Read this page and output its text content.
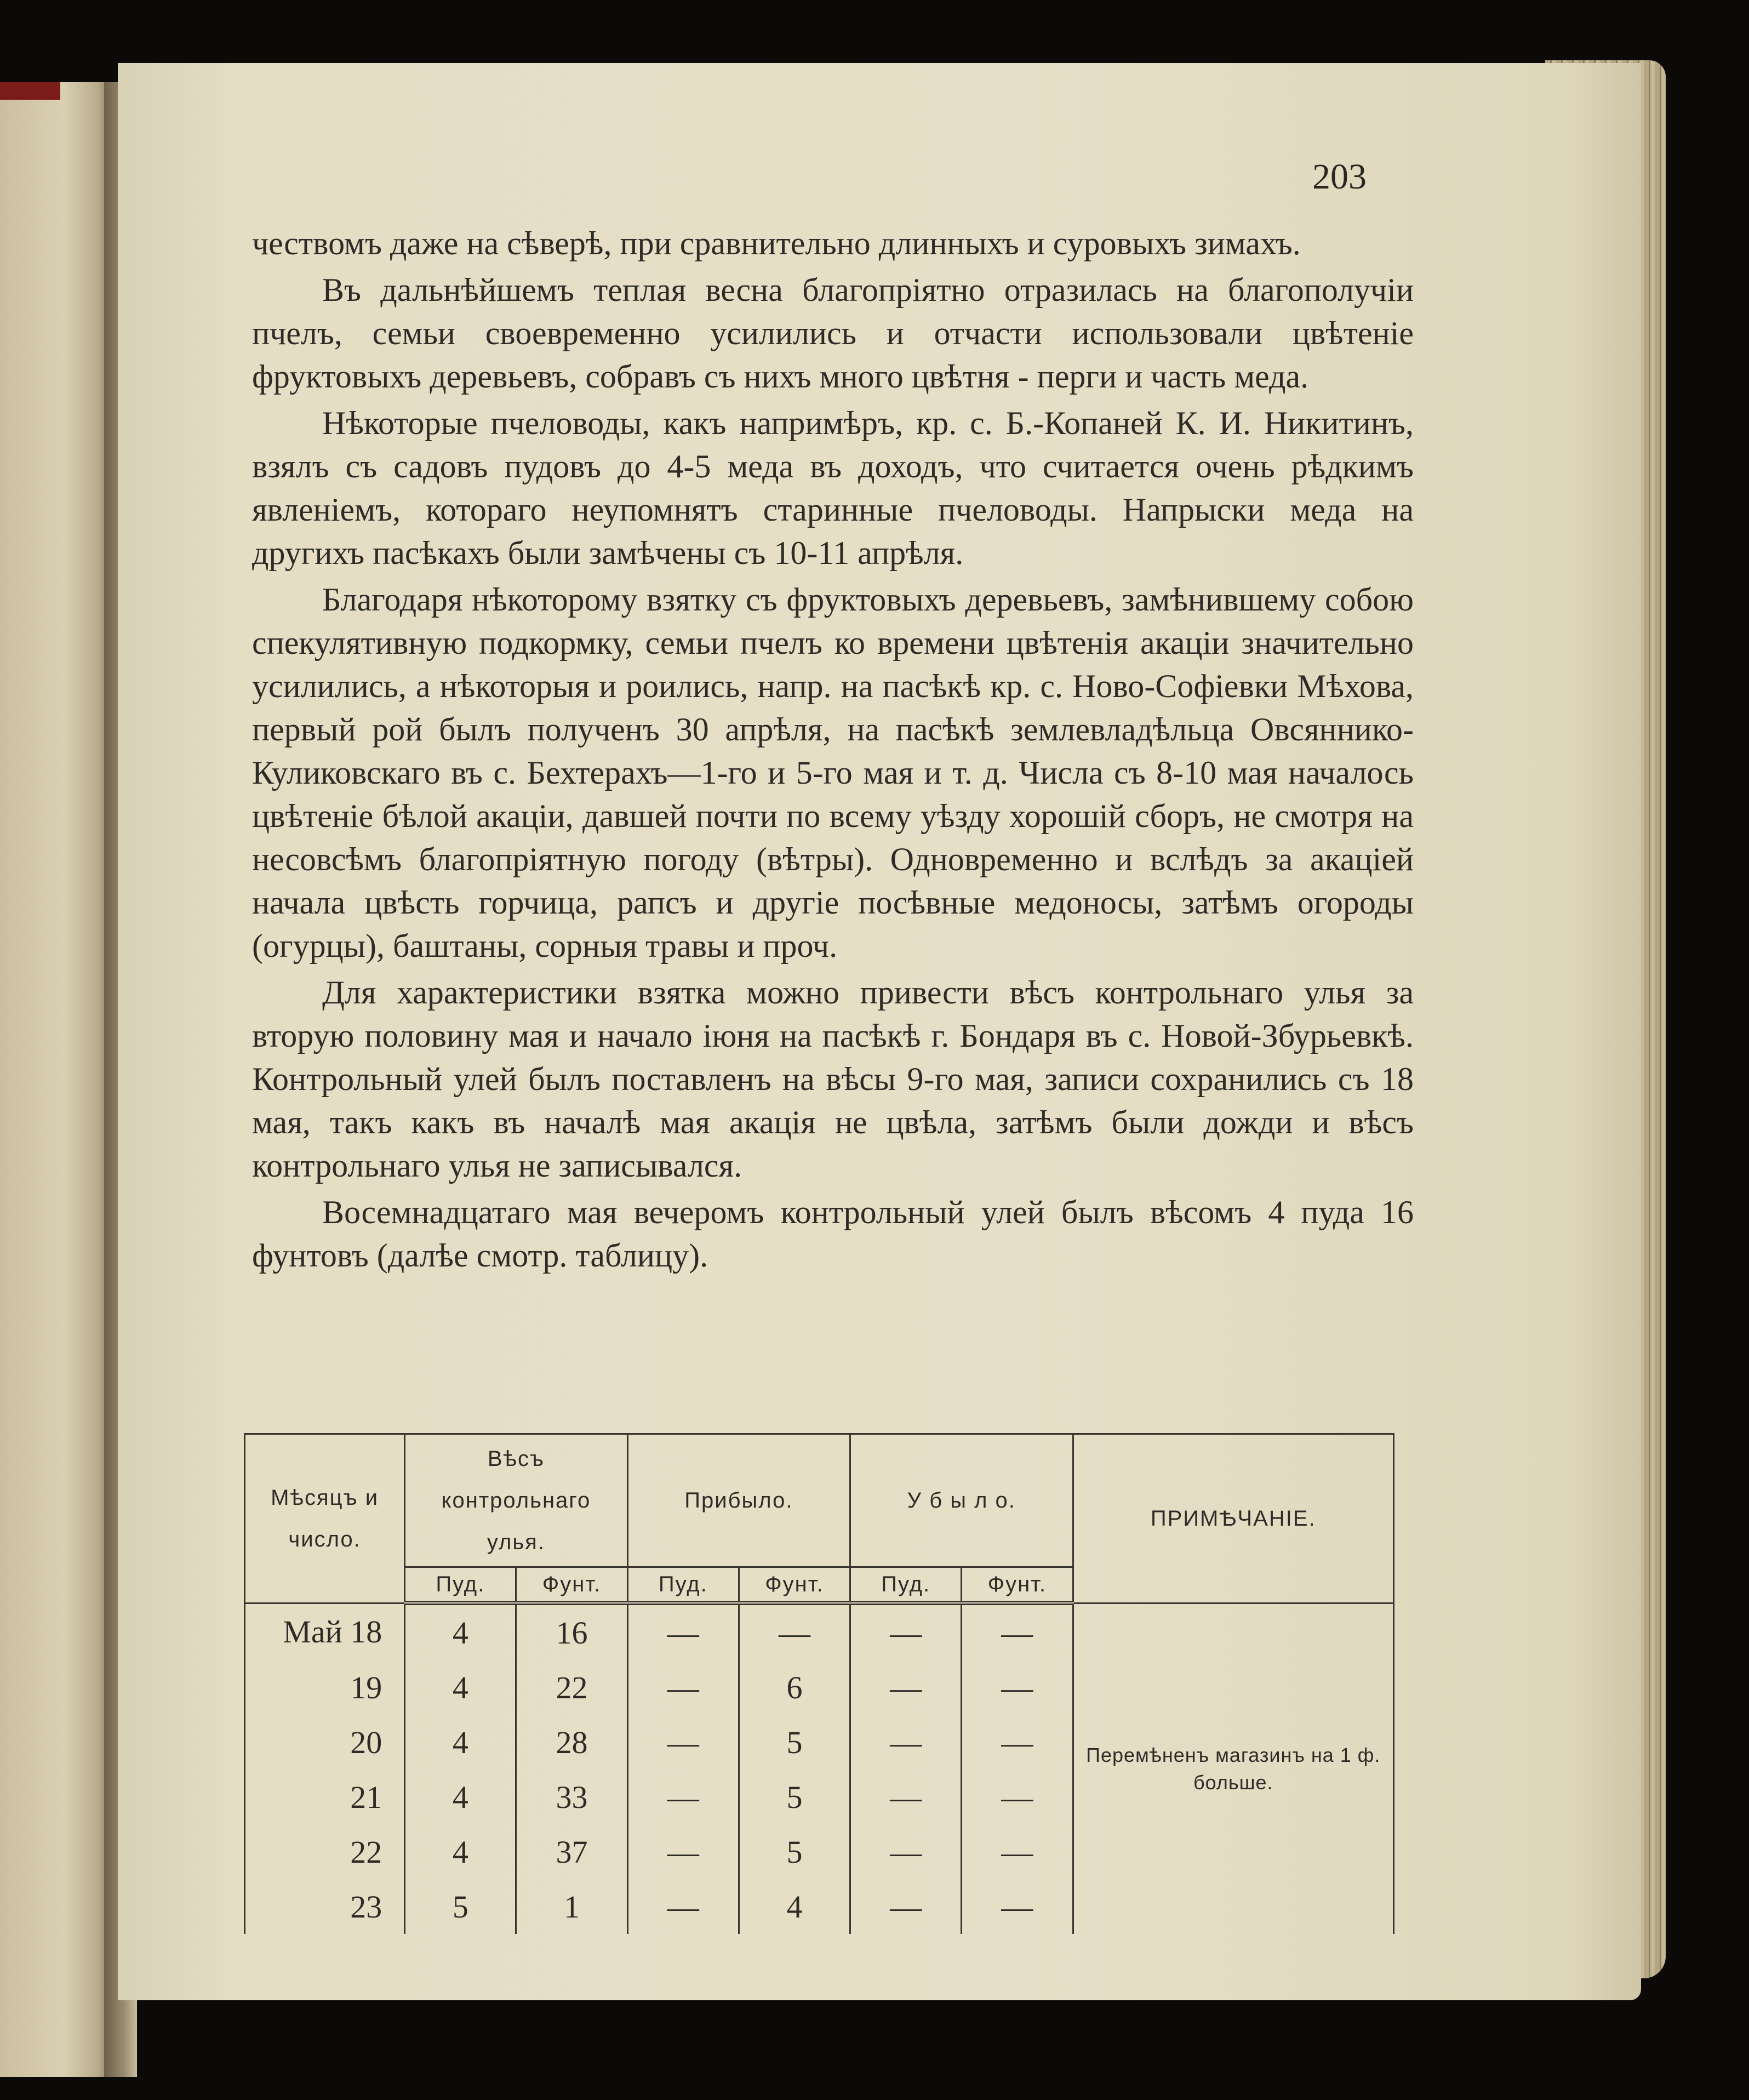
203

чествомъ даже на сѣверѣ, при сравнительно длинныхъ и суровыхъ зимахъ.

Въ дальнѣйшемъ теплая весна благопріятно отразилась на благополучіи пчелъ, семьи своевременно усилились и отчасти использовали цвѣтеніе фруктовыхъ деревьевъ, собравъ съ нихъ много цвѣтня - перги и часть меда.

Нѣкоторые пчеловоды, какъ напримѣръ, кр. с. Б.-Копаней К. И. Никитинъ, взялъ съ садовъ пудовъ до 4-5 меда въ доходъ, что считается очень рѣдкимъ явленіемъ, котораго неупомнятъ старинные пчеловоды. Напрыски меда на другихъ пасѣкахъ были замѣчены съ 10-11 апрѣля.

Благодаря нѣкоторому взятку съ фруктовыхъ деревьевъ, замѣнившему собою спекулятивную подкормку, семьи пчелъ ко времени цвѣтенія акаціи значительно усилились, а нѣкоторыя и роились, напр. на пасѣкѣ кр. с. Ново-Софіевки Мѣхова, первый рой былъ полученъ 30 апрѣля, на пасѣкѣ землевладѣльца Овсяннико-Куликовскаго въ с. Бехтерахъ—1-го и 5-го мая и т. д. Числа съ 8-10 мая началось цвѣтеніе бѣлой акаціи, давшей почти по всему уѣзду хорошій сборъ, не смотря на несовсѣмъ благопріятную погоду (вѣтры). Одновременно и вслѣдъ за акаціей начала цвѣсть горчица, рапсъ и другіе посѣвные медоносы, затѣмъ огороды (огурцы), баштаны, сорныя травы и проч.

Для характеристики взятка можно привести вѣсъ контрольнаго улья за вторую половину мая и начало іюня на пасѣкѣ г. Бондаря въ с. Новой-Збурьевкѣ. Контрольный улей былъ поставленъ на вѣсы 9-го мая, записи сохранились съ 18 мая, такъ какъ въ началѣ мая акація не цвѣла, затѣмъ были дожди и вѣсъ контрольнаго улья не записывался.

Восемнадцатаго мая вечеромъ контрольный улей былъ вѣсомъ 4 пуда 16 фунтовъ (далѣе смотр. таблицу).

Мѣсяцъ и число.	Вѣсъ контрольнаго улья.		Прибыло.		У б ы л о.		ПРИМѢЧАНІЕ.
	Пуд.	Фунт.	Пуд.	Фунт.	Пуд.	Фунт.	
Май 18	4	16	—	—	—	—	Перемѣненъ магазинъ на 1 ф. больше.
19	4	22	—	6	—	—	
20	4	28	—	5	—	—	
21	4	33	—	5	—	—	
22	4	37	—	5	—	—	
23	5	1	—	4	—	—	
